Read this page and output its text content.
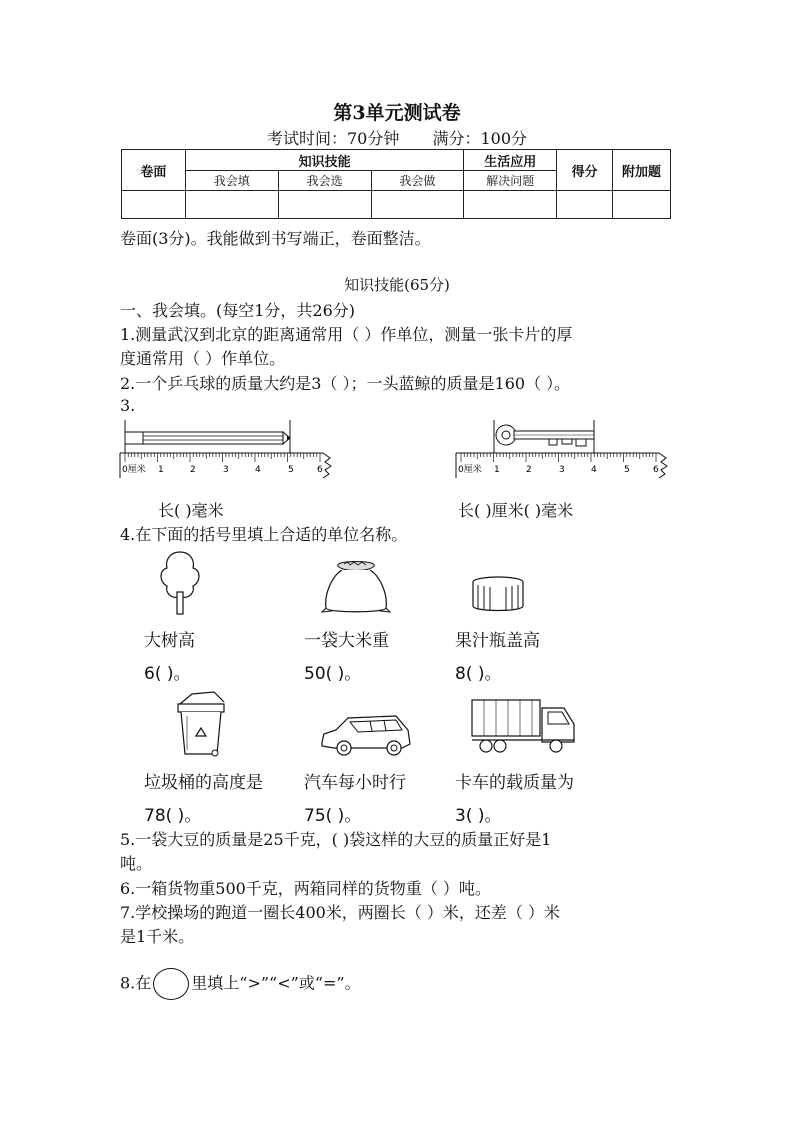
第3单元测试卷
考试时间：70分钟 满分：100分
卷面	知识技能			生活应用	得分	附加题
	我会填	我会选	我会做	解决问题		

卷面(3分)。我能做到书写端正，卷面整洁。
知识技能(65分)
一、我会填。(每空1分，共26分)
1.测量武汉到北京的距离通常用（ ）作单位，测量一张卡片的厚
度通常用（ ）作单位。
2.一个乒乓球的质量大约是3（ ）；一头蓝鲸的质量是160（ ）。
3.
0厘米 1	2	3	4	5	6	0厘米 1	2	3	4	5	6
长( )毫米	长( )厘米( )毫米
4.在下面的括号里填上合适的单位名称。
大树高	一袋大米重	果汁瓶盖高
6( )。	50( )。	8( )。
垃圾桶的高度是 汽车每小时行	卡车的载质量为
78( )。	75( )。	3( )。
5.一袋大豆的质量是25千克，( )袋这样的大豆的质量正好是1
吨。
6.一箱货物重500千克，两箱同样的货物重（ ）吨。
7.学校操场的跑道一圈长400米，两圈长（ ）米，还差（ ）米
是1千米。
8.在	里填上“>”“<”或“=”。
